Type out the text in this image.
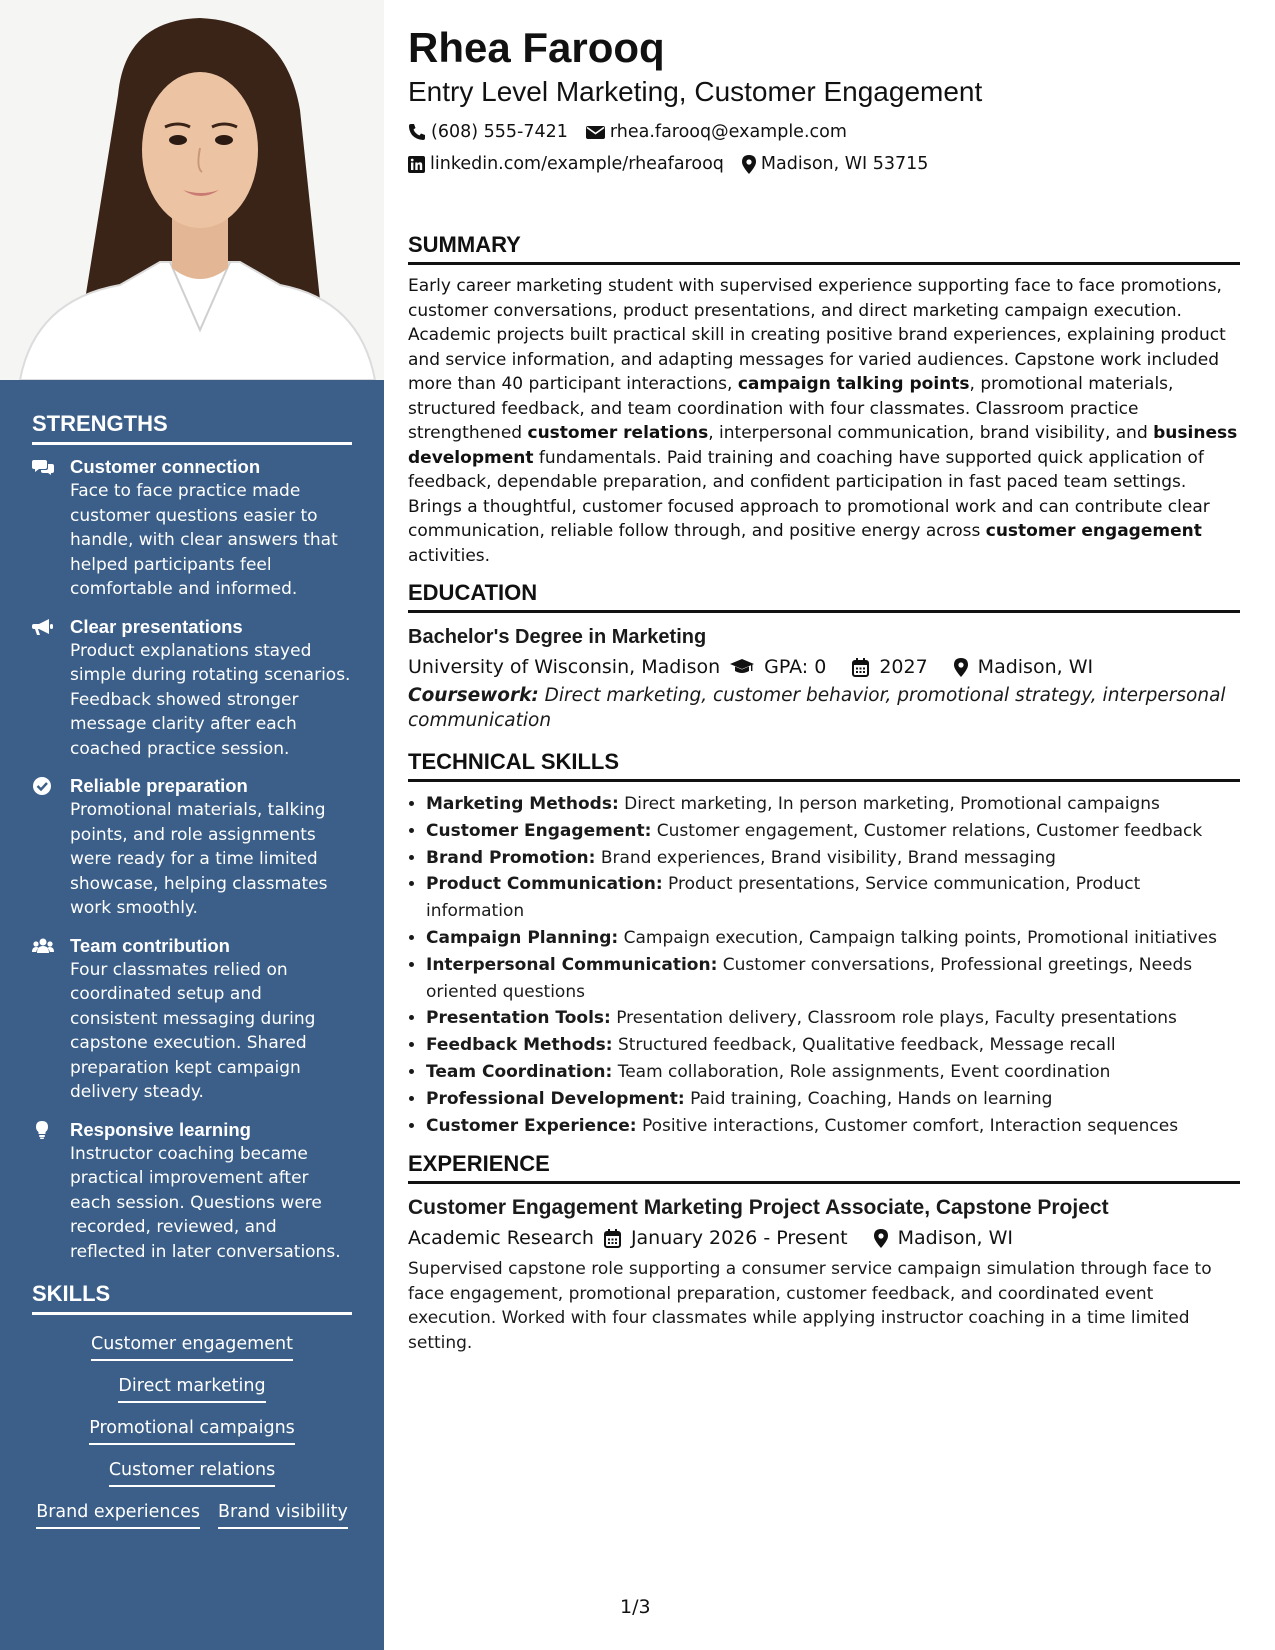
STRENGTHS
Customer connection
Face to face practice made customer questions easier to handle, with clear answers that helped participants feel comfortable and informed.
Clear presentations
Product explanations stayed simple during rotating scenarios. Feedback showed stronger message clarity after each coached practice session.
Reliable preparation
Promotional materials, talking points, and role assignments were ready for a time limited showcase, helping classmates work smoothly.
Team contribution
Four classmates relied on coordinated setup and consistent messaging during capstone execution. Shared preparation kept campaign delivery steady.
Responsive learning
Instructor coaching became practical improvement after each session. Questions were recorded, reviewed, and reflected in later conversations.
SKILLS
Customer engagement
Direct marketing
Promotional campaigns
Customer relations
Brand experiences Brand visibility
Rhea Farooq
Entry Level Marketing, Customer Engagement
(608) 555-7421 rhea.farooq@example.com
linkedin.com/example/rheafarooq Madison, WI 53715
SUMMARY

Early career marketing student with supervised experience supporting face to face promotions, customer conversations, product presentations, and direct marketing campaign execution. Academic projects built practical skill in creating positive brand experiences, explaining product and service information, and adapting messages for varied audiences. Capstone work included more than 40 participant interactions, campaign talking points, promotional materials, structured feedback, and team coordination with four classmates. Classroom practice strengthened customer relations, interpersonal communication, brand visibility, and business development fundamentals. Paid training and coaching have supported quick application of feedback, dependable preparation, and confident participation in fast paced team settings. Brings a thoughtful, customer focused approach to promotional work and can contribute clear communication, reliable follow through, and positive energy across customer engagement activities.

EDUCATION
Bachelor's Degree in Marketing
University of Wisconsin, Madison GPA: 0	2027	Madison, WI
Coursework: Direct marketing, customer behavior, promotional strategy, interpersonal communication
TECHNICAL SKILLS
• Marketing Methods: Direct marketing, In person marketing, Promotional campaigns
• Customer Engagement: Customer engagement, Customer relations, Customer feedback
• Brand Promotion: Brand experiences, Brand visibility, Brand messaging
• Product Communication: Product presentations, Service communication, Product information
• Campaign Planning: Campaign execution, Campaign talking points, Promotional initiatives
• Interpersonal Communication: Customer conversations, Professional greetings, Needs oriented questions
• Presentation Tools: Presentation delivery, Classroom role plays, Faculty presentations
• Feedback Methods: Structured feedback, Qualitative feedback, Message recall
• Team Coordination: Team collaboration, Role assignments, Event coordination
• Professional Development: Paid training, Coaching, Hands on learning
• Customer Experience: Positive interactions, Customer comfort, Interaction sequences
EXPERIENCE
Customer Engagement Marketing Project Associate, Capstone Project
Academic Research January 2026 - Present	Madison, WI
Supervised capstone role supporting a consumer service campaign simulation through face to face engagement, promotional preparation, customer feedback, and coordinated event execution. Worked with four classmates while applying instructor coaching in a time limited setting.
1/3
